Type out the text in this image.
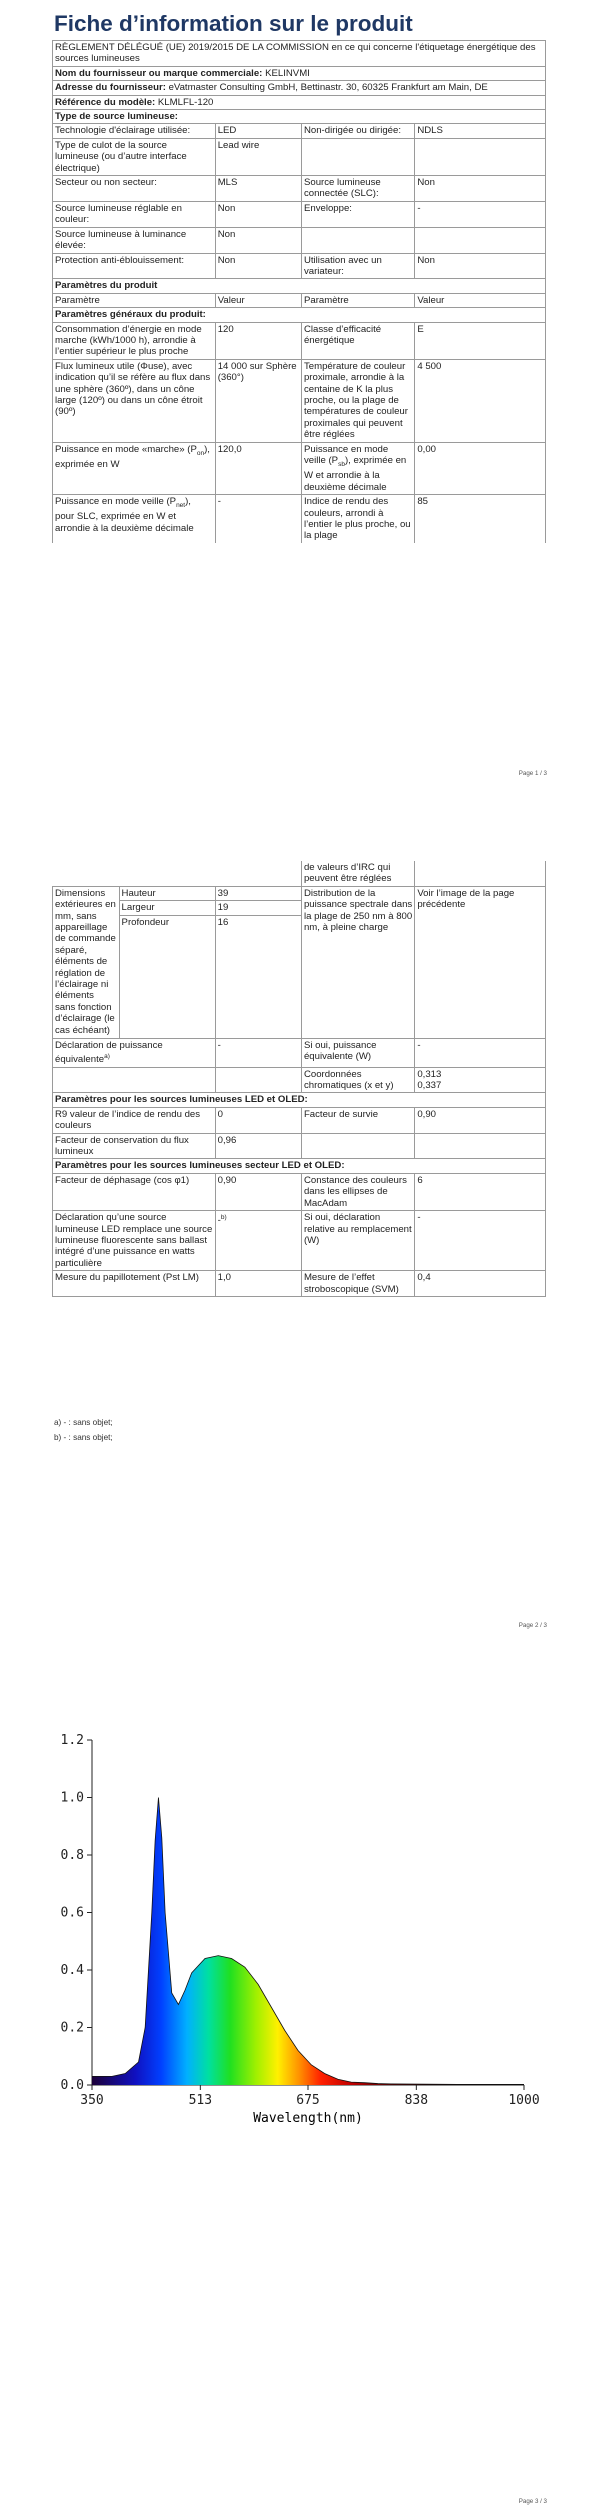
Fiche d’information sur le produit
RÈGLEMENT DÉLÉGUÉ (UE) 2019/2015 DE LA COMMISSION en ce qui concerne l'étiquetage énergétique des sources lumineuses			
Nom du fournisseur ou marque commerciale: KELINVMI			
Adresse du fournisseur: eVatmaster Consulting GmbH, Bettinastr. 30, 60325 Frankfurt am Main, DE			
Référence du modèle: KLMLFL-120			
Type de source lumineuse:			
Technologie d'éclairage utilisée:	LED	Non-dirigée ou dirigée:	NDLS
Type de culot de la source lumineuse (ou d’autre interface électrique)	Lead wire		
Secteur ou non secteur:	MLS	Source lumineuse connectée (SLC):	Non
Source lumineuse réglable en couleur:	Non	Enveloppe:	-
Source lumineuse à luminance élevée:	Non		
Protection anti-éblouissement:	Non	Utilisation avec un variateur:	Non
Paramètres du produit			
Paramètre	Valeur	Paramètre	Valeur
Paramètres généraux du produit:			
Consommation d’énergie en mode marche (kWh/1000 h), arrondie à l’entier supérieur le plus proche	120	Classe d’efficacité énergétique	E
Flux lumineux utile (Φuse), avec indication qu’il se réfère au flux dans une sphère (360º), dans un cône large (120º) ou dans un cône étroit (90º)	14 000 sur Sphère (360°)	Température de couleur proximale, arrondie à la centaine de K la plus proche, ou la plage de températures de couleur proximales qui peuvent être réglées	4 500
Puissance en mode «marche» $(P_{on})$, exprimée en W	120,0	Puissance en mode veille $(P_{sb})$, exprimée en W et arrondie à la deuxième décimale	0,00
Puissance en mode veille $(P_{net})$, pour SLC, exprimée en W et arrondie à la deuxième décimale	-	Indice de rendu des couleurs, arrondi à l’entier le plus proche, ou la plage	85
Page 1 / 3
			de valeurs d’IRC qui peuvent être réglées	
Dimensions extérieures en mm, sans appareillage de commande séparé, éléments de réglation de l’éclairage ni éléments sans fonction d’éclairage (le cas échéant)	Hauteur	39	Distribution de la puissance spectrale dans la plage de 250 nm à 800 nm, à pleine charge	Voir l’image de la page précédente
	Largeur	19		
	Profondeur	16		
Déclaration de puissance équivalente$^{a)}$		-	Si oui, puissance équivalente (W)	-
			Coordonnées chromatiques (x et y)	0,313
0,337

Paramètres pour les sources lumineuses LED et OLED:				
R9 valeur de l’indice de rendu des couleurs		0	Facteur de survie	0,90
Facteur de conservation du flux lumineux		0,96		
Paramètres pour les sources lumineuses secteur LED et OLED:				
Facteur de déphasage (cos φ1)		0,90	Constance des couleurs dans les ellipses de MacAdam	6
Déclaration qu’une source lumineuse LED remplace une source lumineuse fluorescente sans ballast intégré d’une puissance en watts particulière		-$^{b)}$	Si oui, déclaration relative au remplacement (W)	-
Mesure du papillotement (Pst LM)		1,0	Mesure de l’effet stroboscopique (SVM)	0,4
a) - : sans objet;
b) - : sans objet;
Page 2 / 3
0.0
0.2
0.4
0.6
0.8
1.0
1.2
350	513	675	838	1000
Wavelength(nm)
Page 3 / 3
